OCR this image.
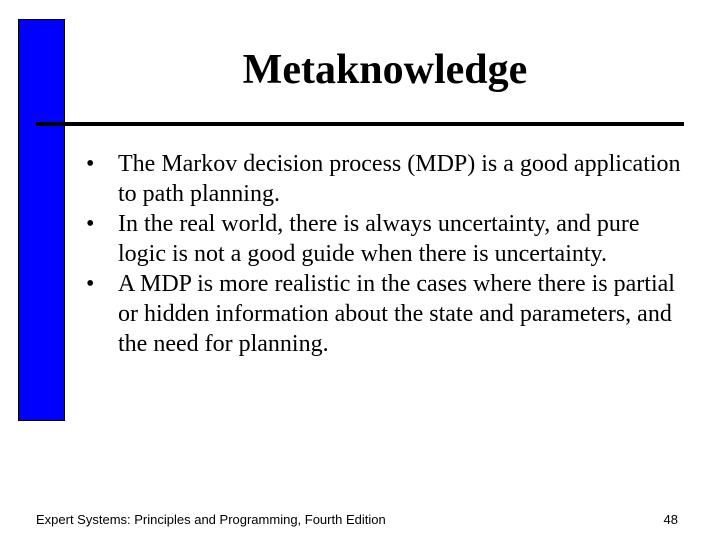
Metaknowledge
• The Markov decision process (MDP) is a good application to path planning.
• In the real world, there is always uncertainty, and pure logic is not a good guide when there is uncertainty.
• A MDP is more realistic in the cases where there is partial or hidden information about the state and parameters, and the need for planning.
Expert Systems: Principles and Programming, Fourth Edition	48
